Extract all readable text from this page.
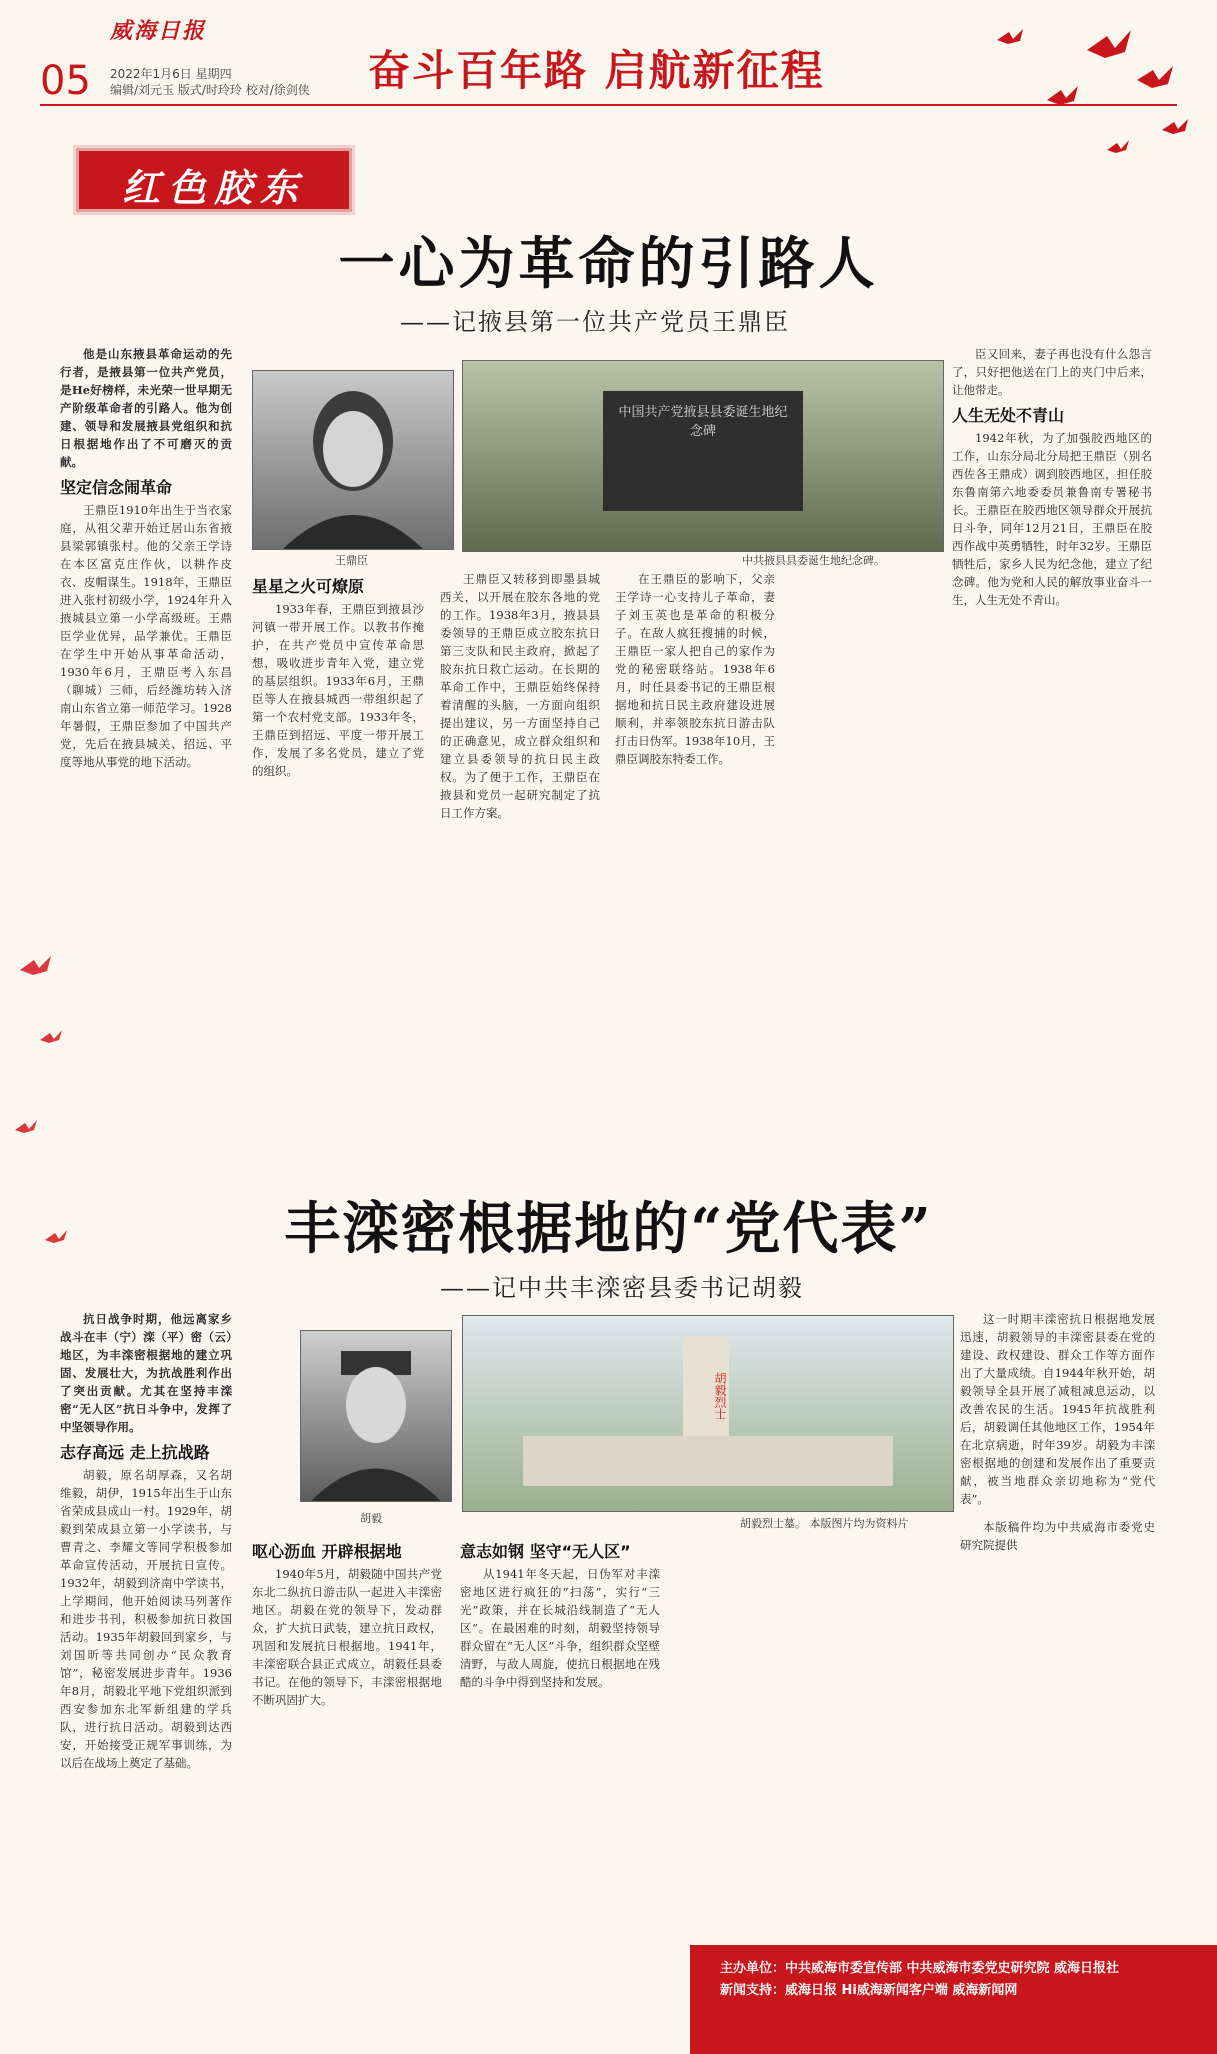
威海日报
05 2022年1月6日 星期四
编辑/刘元玉 版式/时玲玲 校对/徐剑侠 奋斗百年路 启航新征程
红色胶东
一心为革命的引路人
——记掖县第一位共产党员王鼎臣

他是山东掖县革命运动的先行者，是掖县第一位共产党员，是He好榜样，未光荣一世早期无产阶级革命者的引路人。他为创建、领导和发展掖县党组织和抗日根据地作出了不可磨灭的贡献。

坚定信念闹革命

王鼎臣1910年出生于当衣家庭，从祖父辈开始迁居山东省掖县梁郭镇张村。他的父亲王学诗在本区富克庄作伙，以耕作皮衣、皮帽谋生。1918年，王鼎臣进入张村初级小学，1924年升入掖城县立第一小学高级班。王鼎臣学业优异，品学兼优。王鼎臣在学生中开始从事革命活动，1930年6月，王鼎臣考入东昌（聊城）三师，后经潍坊转入济南山东省立第一师范学习。1928年暑假，王鼎臣参加了中国共产党，先后在掖县城关、招远、平度等地从事党的地下活动。

王鼎臣
中国共产党掖县县委诞生地纪念碑
中共掖县县委诞生地纪念碑。
星星之火可燎原

1933年春，王鼎臣到掖县沙河镇一带开展工作。以教书作掩护，在共产党员中宣传革命思想，吸收进步青年入党，建立党的基层组织。1933年6月，王鼎臣等人在掖县城西一带组织起了第一个农村党支部。1933年冬，王鼎臣到招远、平度一带开展工作，发展了多名党员，建立了党的组织。

王鼎臣又转移到即墨县城西关，以开展在胶东各地的党的工作。1938年3月，掖县县委领导的王鼎臣成立胶东抗日第三支队和民主政府，掀起了胶东抗日救亡运动。在长期的革命工作中，王鼎臣始终保持着清醒的头脑，一方面向组织提出建议，另一方面坚持自己的正确意见，成立群众组织和建立县委领导的抗日民主政权。为了便于工作，王鼎臣在掖县和党员一起研究制定了抗日工作方案。

在王鼎臣的影响下，父亲王学诗一心支持儿子革命，妻子刘玉英也是革命的积极分子。在敌人疯狂搜捕的时候，王鼎臣一家人把自己的家作为党的秘密联络站。1938年6月，时任县委书记的王鼎臣根据地和抗日民主政府建设进展顺利，并率领胶东抗日游击队打击日伪军。1938年10月，王鼎臣调胶东特委工作。

臣又回来，妻子再也没有什么怨言了，只好把他送在门上的夹门中后来，让他带走。

人生无处不青山

1942年秋，为了加强胶西地区的工作，山东分局北分局把王鼎臣（别名西佐各王鼎成）调到胶西地区，担任胶东鲁南第六地委委员兼鲁南专署秘书长。王鼎臣在胶西地区领导群众开展抗日斗争，同年12月21日，王鼎臣在胶西作战中英勇牺牲，时年32岁。王鼎臣牺牲后，家乡人民为纪念他，建立了纪念碑。他为党和人民的解放事业奋斗一生，人生无处不青山。

丰滦密根据地的“党代表”
——记中共丰滦密县委书记胡毅

抗日战争时期，他远离家乡战斗在丰（宁）滦（平）密（云）地区，为丰滦密根据地的建立巩固、发展壮大，为抗战胜利作出了突出贡献。尤其在坚持丰滦密“无人区”抗日斗争中，发挥了中坚领导作用。

志存高远 走上抗战路

胡毅，原名胡厚森，又名胡维毅，胡伊，1915年出生于山东省荣成县成山一村。1929年，胡毅到荣成县立第一小学读书，与曹青之、李耀文等同学积极参加革命宣传活动，开展抗日宣传。1932年，胡毅到济南中学读书，上学期间，他开始阅读马列著作和进步书刊，积极参加抗日救国活动。1935年胡毅回到家乡，与刘国昕等共同创办“民众教育馆”，秘密发展进步青年。1936年8月，胡毅北平地下党组织派到西安参加东北军新组建的学兵队，进行抗日活动。胡毅到达西安，开始接受正规军事训练，为以后在战场上奠定了基础。

胡毅
胡毅烈士
胡毅烈士墓。 本版图片均为资料片
呕心沥血 开辟根据地

1940年5月，胡毅随中国共产党东北二纵抗日游击队一起进入丰滦密地区。胡毅在党的领导下，发动群众，扩大抗日武装，建立抗日政权，巩固和发展抗日根据地。1941年，丰滦密联合县正式成立，胡毅任县委书记。在他的领导下，丰滦密根据地不断巩固扩大。

意志如钢 坚守“无人区”

从1941年冬天起，日伪军对丰滦密地区进行疯狂的“扫荡”，实行“三光”政策，并在长城沿线制造了“无人区”。在最困难的时刻，胡毅坚持领导群众留在“无人区”斗争，组织群众坚壁清野，与敌人周旋，使抗日根据地在残酷的斗争中得到坚持和发展。

这一时期丰滦密抗日根据地发展迅速，胡毅领导的丰滦密县委在党的建设、政权建设、群众工作等方面作出了大量成绩。自1944年秋开始，胡毅领导全县开展了减租减息运动，以改善农民的生活。1945年抗战胜利后，胡毅调任其他地区工作，1954年在北京病逝，时年39岁。胡毅为丰滦密根据地的创建和发展作出了重要贡献，被当地群众亲切地称为“党代表”。

本版稿件均为中共威海市委党史研究院提供

主办单位：中共威海市委宣传部 中共威海市委党史研究院 威海日报社
新闻支持：威海日报 Hi威海新闻客户端 威海新闻网
